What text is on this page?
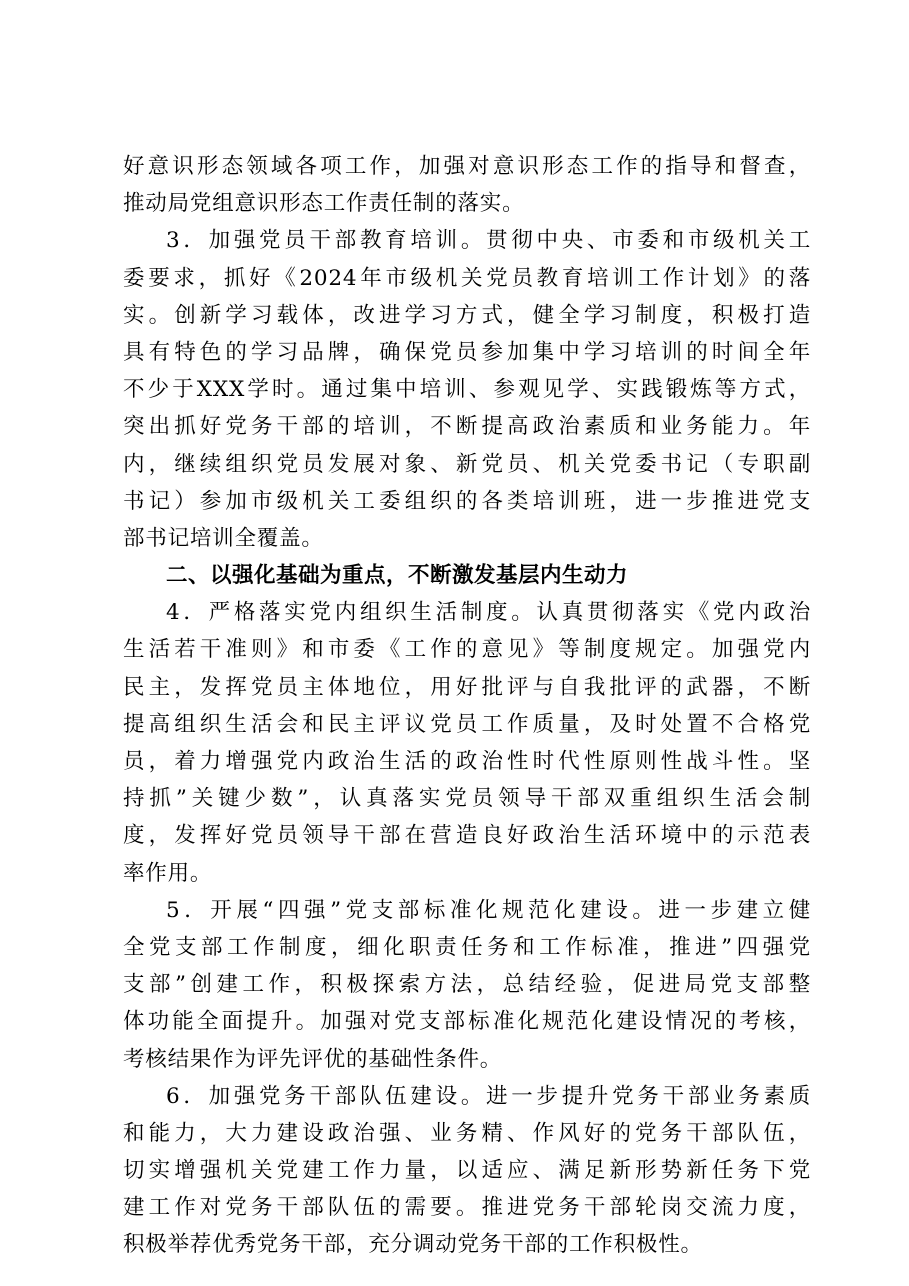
好意识形态领域各项工作，加强对意识形态工作的指导和督查，
推动局党组意识形态工作责任制的落实。
3．加强党员干部教育培训。贯彻中央、市委和市级机关工
委要求，抓好《2024年市级机关党员教育培训工作计划》的落
实。创新学习载体，改进学习方式，健全学习制度，积极打造
具有特色的学习品牌，确保党员参加集中学习培训的时间全年
不少于XXX学时。通过集中培训、参观见学、实践锻炼等方式，
突出抓好党务干部的培训，不断提高政治素质和业务能力。年
内，继续组织党员发展对象、新党员、机关党委书记（专职副
书记）参加市级机关工委组织的各类培训班，进一步推进党支
部书记培训全覆盖。
二、以强化基础为重点，不断激发基层内生动力
4．严格落实党内组织生活制度。认真贯彻落实《党内政治
生活若干准则》和市委《工作的意见》等制度规定。加强党内
民主，发挥党员主体地位，用好批评与自我批评的武器，不断
提高组织生活会和民主评议党员工作质量，及时处置不合格党
员，着力增强党内政治生活的政治性时代性原则性战斗性。坚
持抓”关键少数”，认真落实党员领导干部双重组织生活会制
度，发挥好党员领导干部在营造良好政治生活环境中的示范表
率作用。
5．开展“四强”党支部标准化规范化建设。进一步建立健
全党支部工作制度，细化职责任务和工作标准，推进”四强党
支部”创建工作，积极探索方法，总结经验，促进局党支部整
体功能全面提升。加强对党支部标准化规范化建设情况的考核，
考核结果作为评先评优的基础性条件。
6．加强党务干部队伍建设。进一步提升党务干部业务素质
和能力，大力建设政治强、业务精、作风好的党务干部队伍，
切实增强机关党建工作力量，以适应、满足新形势新任务下党
建工作对党务干部队伍的需要。推进党务干部轮岗交流力度，
积极举荐优秀党务干部，充分调动党务干部的工作积极性。
